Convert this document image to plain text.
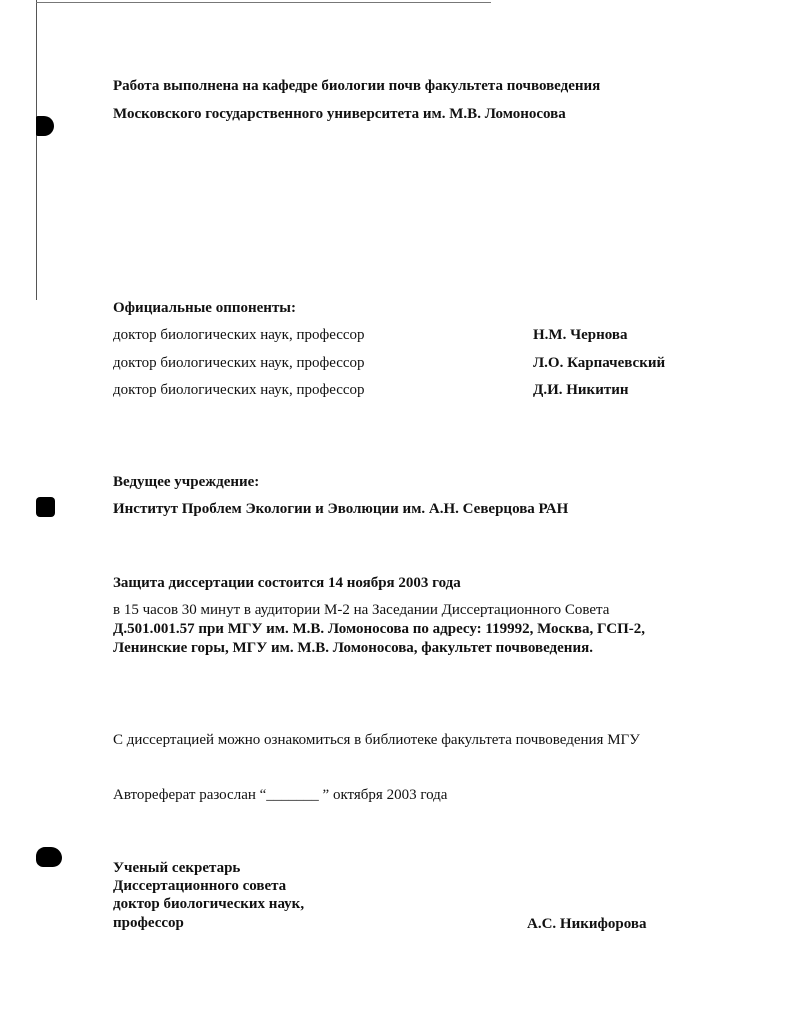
Работа выполнена на кафедре биологии почв факультета почвоведения
Московского государственного университета им. М.В. Ломоносова
Официальные оппоненты:
доктор биологических наук, профессор	Н.М. Чернова
доктор биологических наук, профессор	Л.О. Карпачевский
доктор биологических наук, профессор	Д.И. Никитин
Ведущее учреждение:
Институт Проблем Экологии и Эволюции им. А.Н. Северцова РАН
Защита диссертации состоится 14 ноября 2003 года
в 15 часов 30 минут в аудитории М-2 на Заседании Диссертационного Совета
Д.501.001.57 при МГУ им. М.В. Ломоносова по адресу: 119992, Москва, ГСП-2,
Ленинские горы, МГУ им. М.В. Ломоносова, факультет почвоведения.
С диссертацией можно ознакомиться в библиотеке факультета почвоведения МГУ
Автореферат разослан “_______ ” октября 2003 года
Ученый секретарь
Диссертационного совета
доктор биологических наук,
профессор	А.С. Никифорова
